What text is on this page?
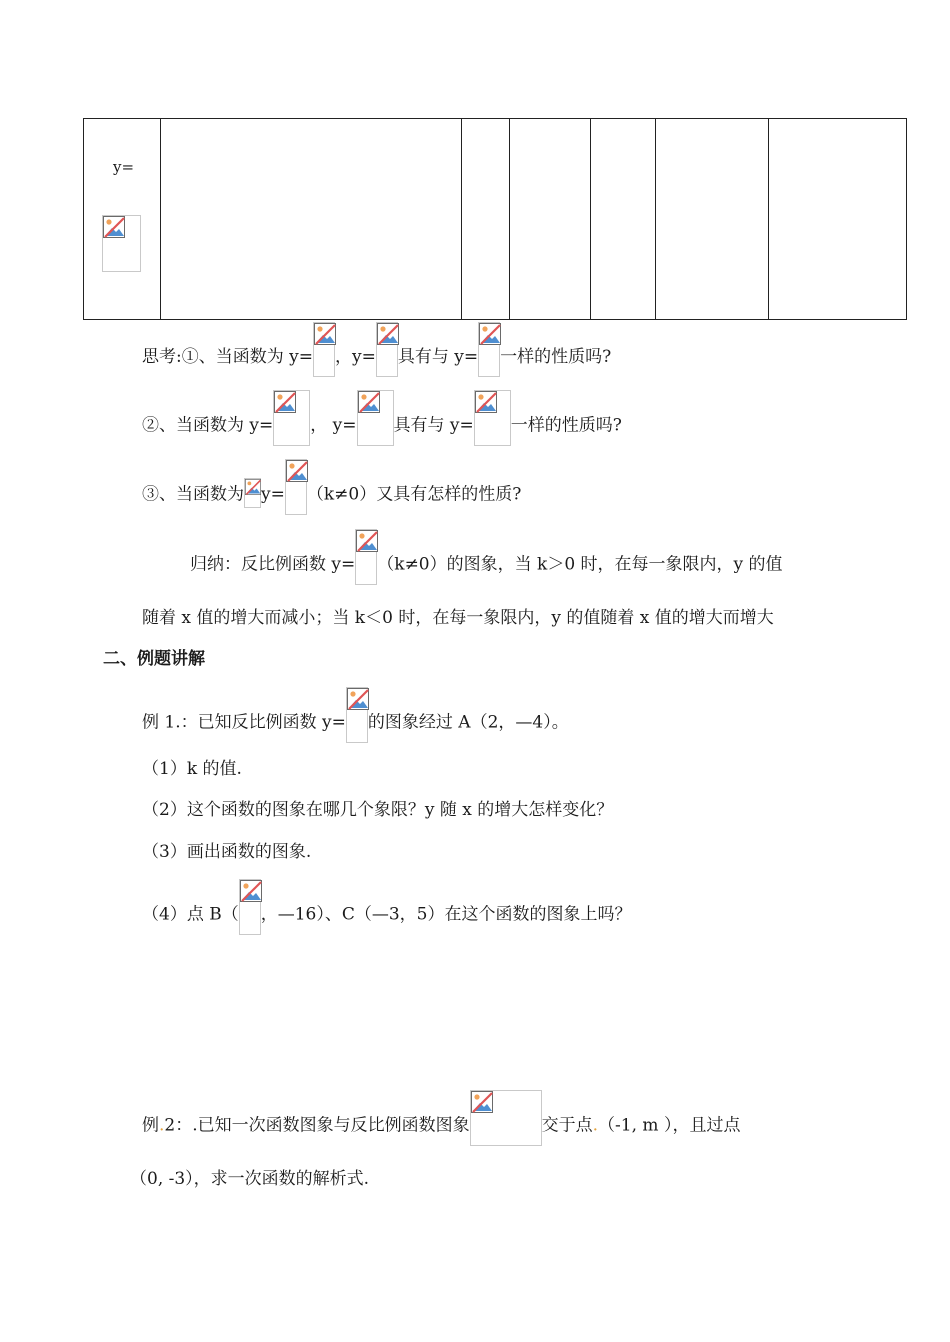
y=
思考:①、当函数为 y= ，y= 具有与 y= 一样的性质吗?
②、当函数为 y= ， y= 具有与 y= 一样的性质吗?
③、当函数为 y= （k≠0）又具有怎样的性质?
归纳：反比例函数 y= （k≠0）的图象，当 k＞0 时，在每一象限内，y 的值
随着 x 值的增大而减小；当 k＜0 时，在每一象限内，y 的值随着 x 值的增大而增大
二、例题讲解
例 1.：已知反比例函数 y= 的图象经过 A（2，—4）。
（1）k 的值.
（2）这个函数的图象在哪几个象限？y 随 x 的增大怎样变化？
（3）画出函数的图象.
（4）点 B（ ，—16）、C（—3，5）在这个函数的图象上吗？
例.2：.已知一次函数图象与反比例函数图象	交于点.（-1, m ），且过点
（0, -3），求一次函数的解析式.
